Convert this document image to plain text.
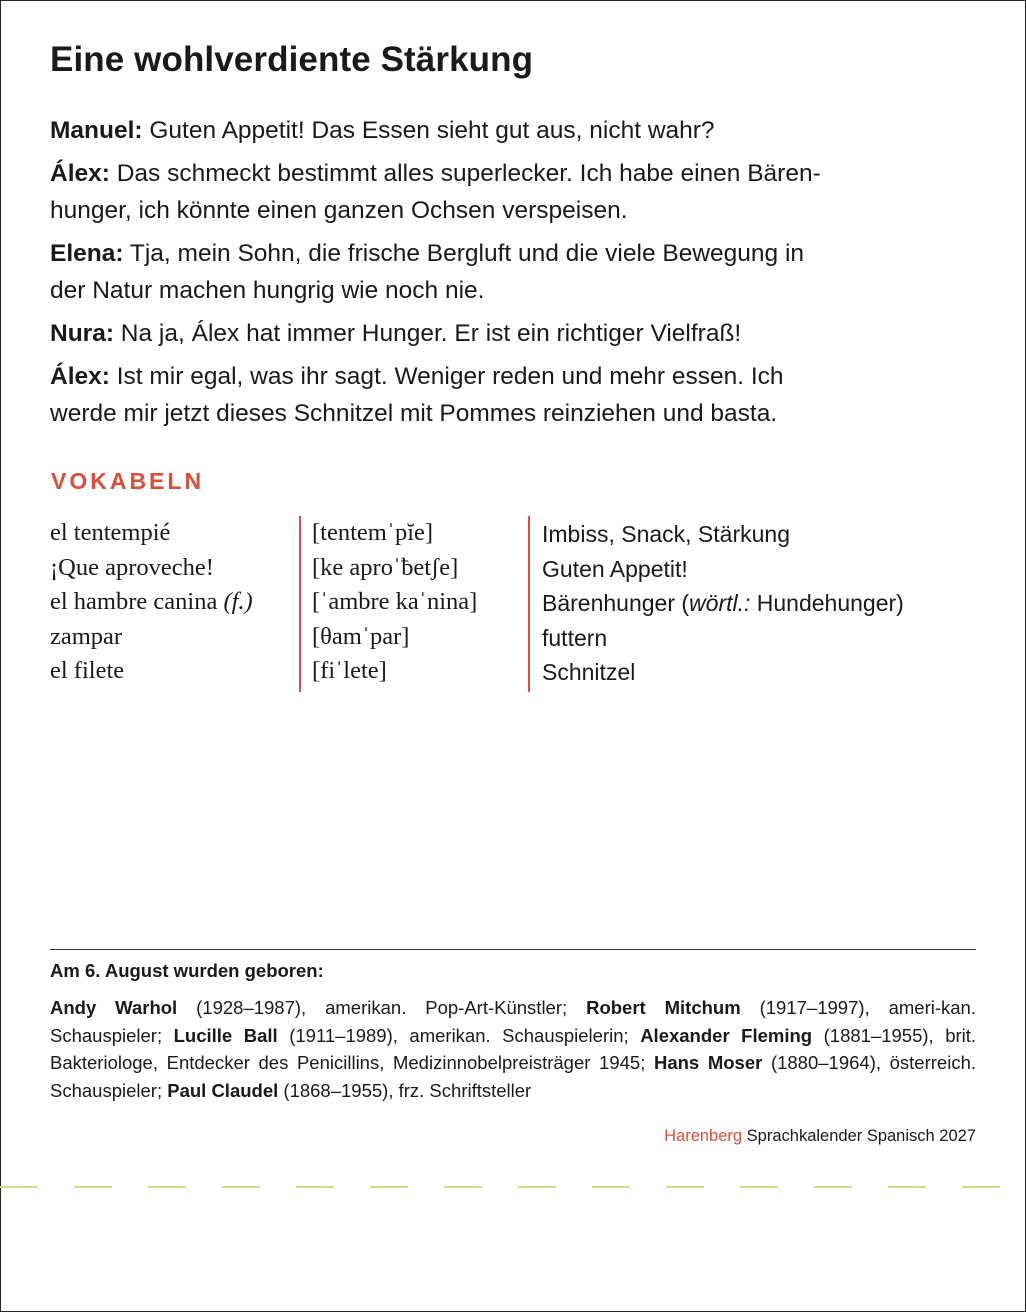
Eine wohlverdiente Stärkung

Manuel: Guten Appetit! Das Essen sieht gut aus, nicht wahr?

Álex: Das schmeckt bestimmt alles superlecker. Ich habe einen Bären-
hunger, ich könnte einen ganzen Ochsen verspeisen.

Elena: Tja, mein Sohn, die frische Bergluft und die viele Bewegung in
der Natur machen hungrig wie noch nie.

Nura: Na ja, Álex hat immer Hunger. Er ist ein richtiger Vielfraß!

Álex: Ist mir egal, was ihr sagt. Weniger reden und mehr essen. Ich
werde mir jetzt dieses Schnitzel mit Pommes reinziehen und basta.

VOKABELN
el tentempié	[tentemˈpĭe]	Imbiss, Snack, Stärkung
¡Que aproveche!	[ke aproˈƀetʃe]	Guten Appetit!
el hambre canina (f.) [ˈambre kaˈnina]	Bärenhunger (wörtl.: Hundehunger)
zampar	[θamˈpar]	futtern
el filete	[fiˈlete]	Schnitzel
Am 6. August wurden geboren:
Andy Warhol (1928–1987), amerikan. Pop-Art-Künstler; Robert Mitchum (1917–1997), ameri-kan. Schauspieler; Lucille Ball (1911–1989), amerikan. Schauspielerin; Alexander Fleming (1881–1955), brit. Bakteriologe, Entdecker des Penicillins, Medizinnobelpreisträger 1945; Hans Moser (1880–1964), österreich. Schauspieler; Paul Claudel (1868–1955), frz. Schriftsteller
Harenberg Sprachkalender Spanisch 2027
